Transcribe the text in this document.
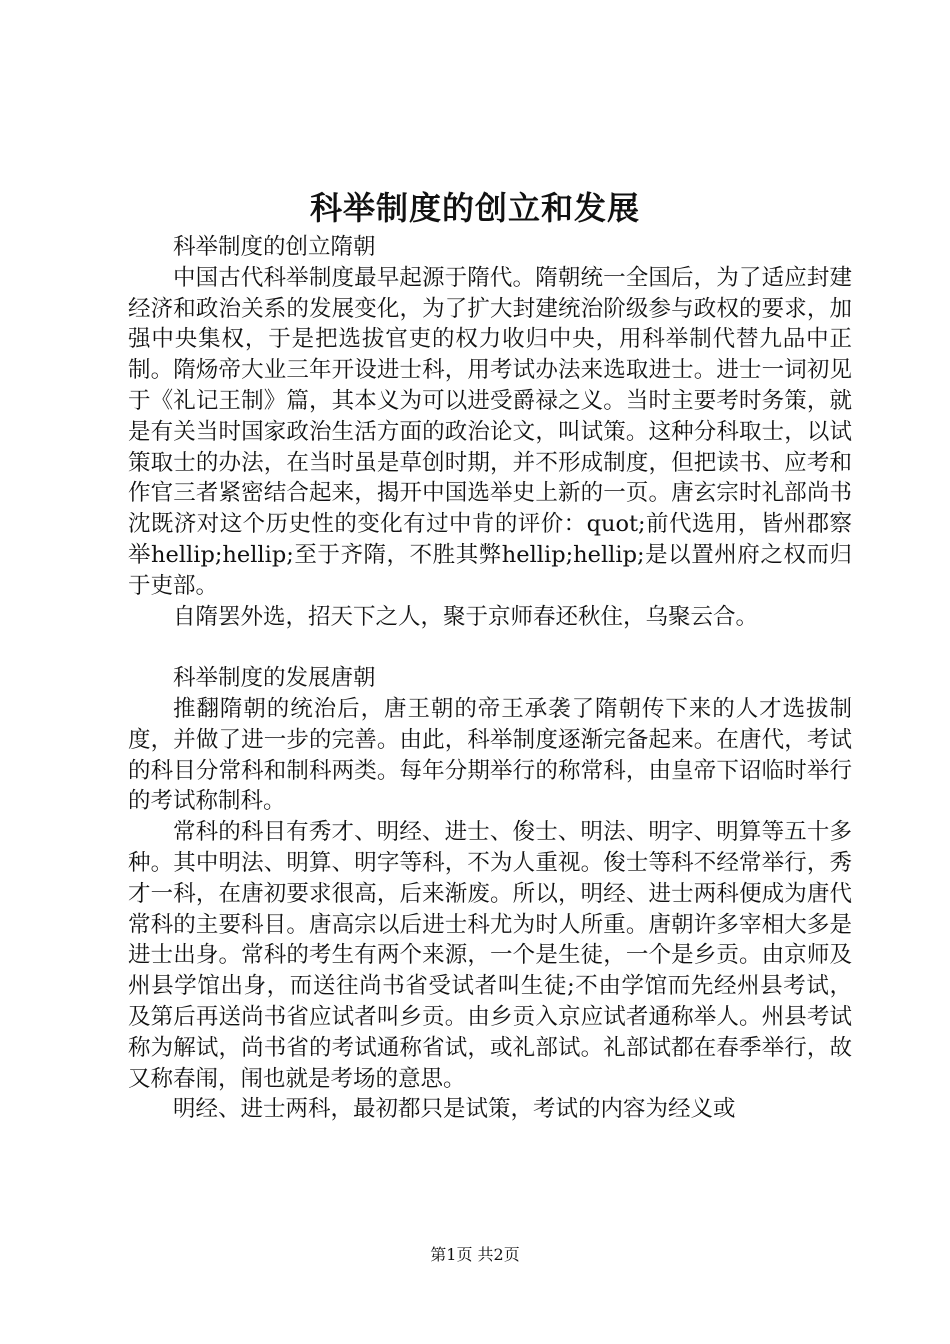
科举制度的创立和发展

科举制度的创立隋朝

中国古代科举制度最早起源于隋代。隋朝统一全国后，为了适应封建经济和政治关系的发展变化，为了扩大封建统治阶级参与政权的要求，加强中央集权，于是把选拔官吏的权力收归中央，用科举制代替九品中正制。隋炀帝大业三年开设进士科，用考试办法来选取进士。进士一词初见于《礼记王制》篇，其本义为可以进受爵禄之义。当时主要考时务策，就是有关当时国家政治生活方面的政治论文，叫试策。这种分科取士，以试策取士的办法，在当时虽是草创时期，并不形成制度，但把读书、应考和作官三者紧密结合起来，揭开中国选举史上新的一页。唐玄宗时礼部尚书沈既济对这个历史性的变化有过中肯的评价：quot;前代选用，皆州郡察举hellip;hellip;至于齐隋，不胜其弊hellip;hellip;是以置州府之权而归于吏部。

自隋罢外选，招天下之人，聚于京师春还秋住，乌聚云合。

科举制度的发展唐朝

推翻隋朝的统治后，唐王朝的帝王承袭了隋朝传下来的人才选拔制度，并做了进一步的完善。由此，科举制度逐渐完备起来。在唐代，考试的科目分常科和制科两类。每年分期举行的称常科，由皇帝下诏临时举行的考试称制科。

常科的科目有秀才、明经、进士、俊士、明法、明字、明算等五十多种。其中明法、明算、明字等科，不为人重视。俊士等科不经常举行，秀才一科，在唐初要求很高，后来渐废。所以，明经、进士两科便成为唐代常科的主要科目。唐高宗以后进士科尤为时人所重。唐朝许多宰相大多是进士出身。常科的考生有两个来源，一个是生徒，一个是乡贡。由京师及州县学馆出身，而送往尚书省受试者叫生徒;不由学馆而先经州县考试，及第后再送尚书省应试者叫乡贡。由乡贡入京应试者通称举人。州县考试称为解试，尚书省的考试通称省试，或礼部试。礼部试都在春季举行，故又称春闱，闱也就是考场的意思。

明经、进士两科，最初都只是试策，考试的内容为经义或

第1页 共2页
